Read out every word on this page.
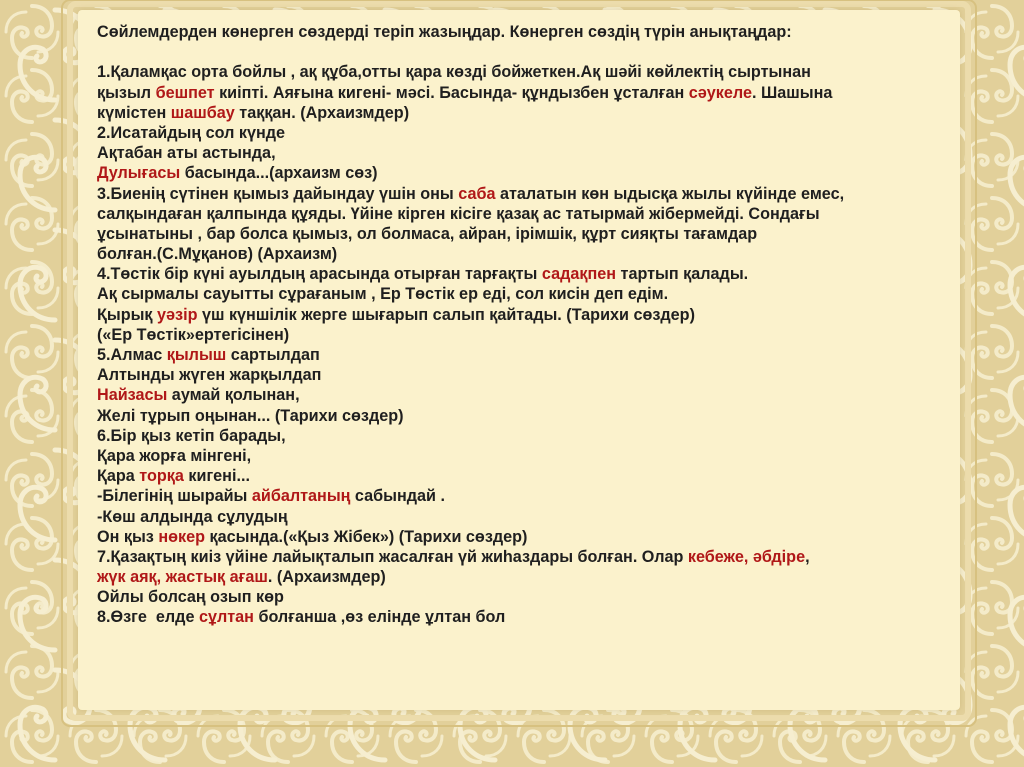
Сөйлемдерден көнерген сөздерді теріп жазыңдар. Көнерген сөздің түрін анықтаңдар:
1.Қаламқас орта бойлы , ақ құба,отты қара көзді бойжеткен.Ақ шәйі көйлектің сыртынан
қызыл бешпет киіпті. Аяғына кигені- мәсі. Басында- құндызбен ұсталған сәукеле. Шашына
күмістен шашбау таққан. (Архаизмдер)
2.Исатайдың сол күнде
Ақтабан аты астында,
Дулығасы басында...(архаизм сөз)
3.Биенің сүтінен қымыз дайындау үшін оны саба аталатын көн ыдысқа жылы күйінде емес,
салқындаған қалпында құяды. Үйіне кірген кісіге қазақ ас татырмай жібермейді. Сондағы
ұсынатыны , бар болса қымыз, ол болмаса, айран, ірімшік, құрт сияқты тағамдар
болған.(С.Мұқанов) (Архаизм)
4.Төстік бір күні ауылдың арасында отырған тарғақты садақпен тартып қалады.
Ақ сырмалы сауытты сұрағаным , Ер Төстік ер еді, сол кисін деп едім.
Қырық уәзір үш күншілік жерге шығарып салып қайтады. (Тарихи сөздер)
(«Ер Төстік»ертегісінен)
5.Алмас қылыш сартылдап
Алтынды жүген жарқылдап
Найзасы аумай қолынан,
Желі тұрып оңынан... (Тарихи сөздер)
6.Бір қыз кетіп барады,
Қара жорға мінгені,
Қара торқа кигені...
-Білегінің шырайы айбалтаның сабындай .
-Көш алдында сұлудың
Он қыз нөкер қасында.(«Қыз Жібек») (Тарихи сөздер)
7.Қазақтың киіз үйіне лайықталып жасалған үй жиһаздары болған. Олар кебеже, әбдіре,
жүк аяқ, жастық ағаш. (Архаизмдер)
Ойлы болсаң озып көр
8.Өзге  елде сұлтан болғанша ,өз елiнде ұлтан бол
